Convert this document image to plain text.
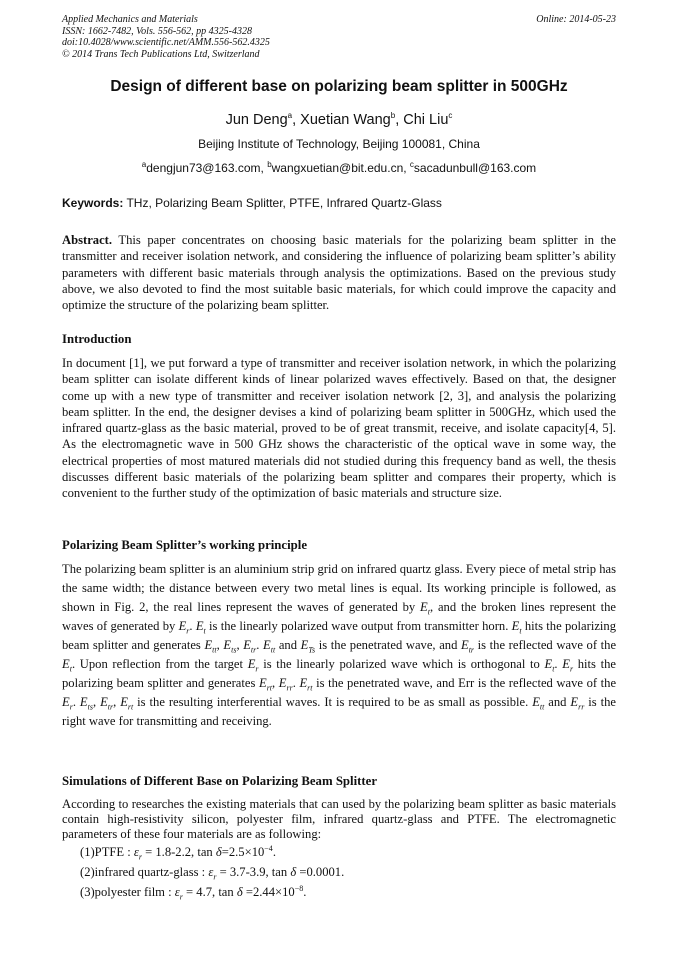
Applied Mechanics and Materials
ISSN: 1662-7482, Vols. 556-562, pp 4325-4328
doi:10.4028/www.scientific.net/AMM.556-562.4325
© 2014 Trans Tech Publications Ltd, Switzerland
Online: 2014-05-23
Design of different base on polarizing beam splitter in 500GHz
Jun Deng$^a$, Xuetian Wang$^b$, Chi Liu$^c$
Beijing Institute of Technology, Beijing 100081, China
$^a$dengjun73@163.com, $^b$wangxuetian@bit.edu.cn, $^c$sacadunbull@163.com
Keywords: THz, Polarizing Beam Splitter, PTFE, Infrared Quartz-Glass
Abstract. This paper concentrates on choosing basic materials for the polarizing beam splitter in the transmitter and receiver isolation network, and considering the influence of polarizing beam splitter’s ability parameters with different basic materials through analysis the optimizations. Based on the previous study above, we also devoted to find the most suitable basic materials, for which could improve the capacity and optimize the structure of the polarizing beam splitter.
Introduction
In document [1], we put forward a type of transmitter and receiver isolation network, in which the polarizing beam splitter can isolate different kinds of linear polarized waves effectively. Based on that, the designer come up with a new type of transmitter and receiver isolation network [2, 3], and analysis the polarizing beam splitter. In the end, the designer devises a kind of polarizing beam splitter in 500GHz, which used the infrared quartz-glass as the basic material, proved to be of great transmit, receive, and isolate capacity[4, 5]. As the electromagnetic wave in 500 GHz shows the characteristic of the optical wave in some way, the electrical properties of most matured materials did not studied during this frequency band as well, the thesis discusses different basic materials of the polarizing beam splitter and compares their property, which is convenient to the further study of the optimization of basic materials and structure size.
Polarizing Beam Splitter’s working principle
The polarizing beam splitter is an aluminium strip grid on infrared quartz glass. Every piece of metal strip has the same width; the distance between every two metal lines is equal. Its working principle is followed, as shown in Fig. 2, the real lines represent the waves of generated by $E_t$, and the broken lines represent the waves of generated by $E_r$. $E_t$ is the linearly polarized wave output from transmitter horn. $E_t$ hits the polarizing beam splitter and generates $E_{tt}$, $E_{ts}$, $E_{tr}$. $E_{tt}$ and $E_{Ts}$ is the penetrated wave, and $E_{tr}$ is the reflected wave of the $E_t$. Upon reflection from the target $E_r$ is the linearly polarized wave which is orthogonal to $E_t$. $E_r$ hits the polarizing beam splitter and generates $E_{rt}$, $E_{rr}$. $E_{rt}$ is the penetrated wave, and Err is the reflected wave of the $E_r$. $E_{ts}$, $E_{tr}$, $E_{rt}$ is the resulting interferential waves. It is required to be as small as possible. $E_{tt}$ and $E_{rr}$ is the right wave for transmitting and receiving.
Simulations of Different Base on Polarizing Beam Splitter
According to researches the existing materials that can used by the polarizing beam splitter as basic materials contain high-resistivity silicon, polyester film, infrared quartz-glass and PTFE. The electromagnetic parameters of these four materials are as following:
(1)PTFE : $\varepsilon_r = 1.8-2.2$, $\tan \delta=2.5\times 10^{-4}$.
(2)infrared quartz-glass : $\varepsilon_r = 3.7-3.9$, tan δ =0.0001.
(3)polyester film : $\varepsilon_r = 4.7$, $\tan \delta =2.44\times 10^{-8}$.
